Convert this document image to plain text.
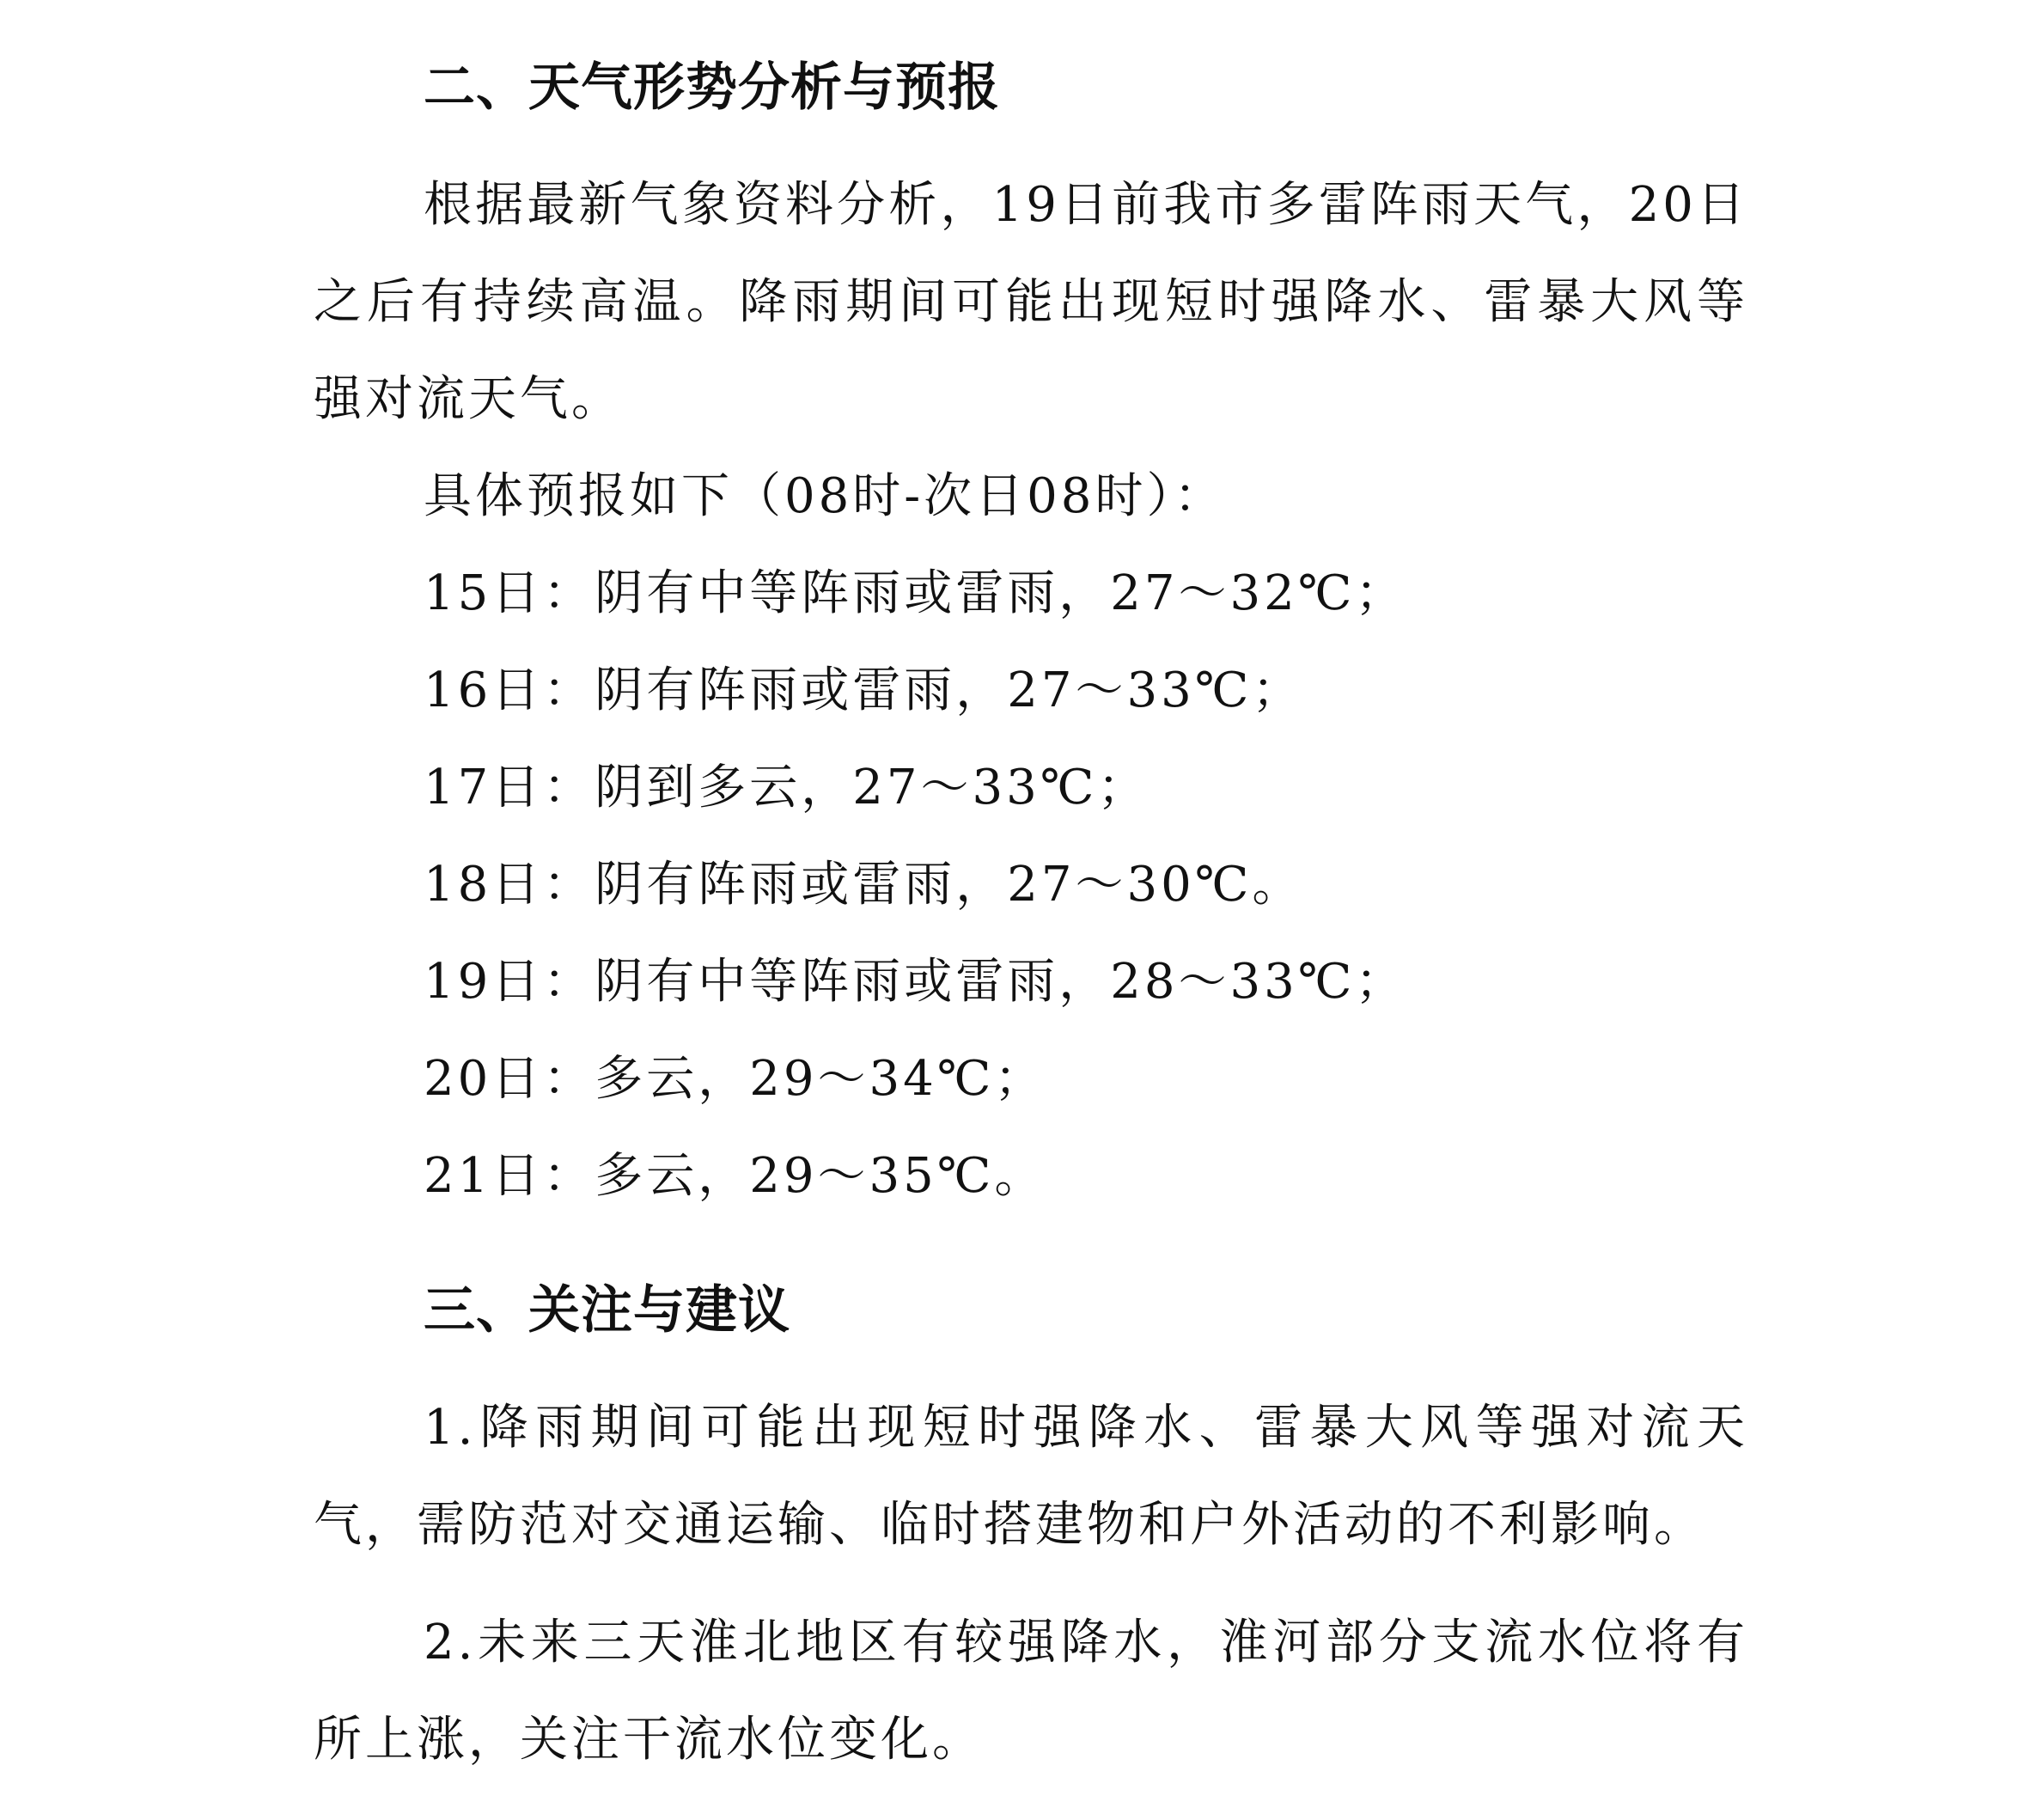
二、天气形势分析与预报

根据最新气象资料分析，19日前我市多雷阵雨天气，20日之后有持续高温。降雨期间可能出现短时强降水、雷暴大风等强对流天气。

具体预报如下（08时-次日08时）：

15日：阴有中等阵雨或雷雨，27～32℃；

16日：阴有阵雨或雷雨，27～33℃；

17日：阴到多云，27～33℃；

18日：阴有阵雨或雷雨，27～30℃。

19日：阴有中等阵雨或雷雨，28～33℃；

20日：多云，29～34℃；

21日：多云，29～35℃。

三、关注与建议

1.降雨期间可能出现短时强降水、雷暴大风等强对流天气，需防范对交通运输、临时搭建物和户外活动的不利影响。

2.未来三天淮北地区有较强降水，淮河部分支流水位将有所上涨，关注干流水位变化。
